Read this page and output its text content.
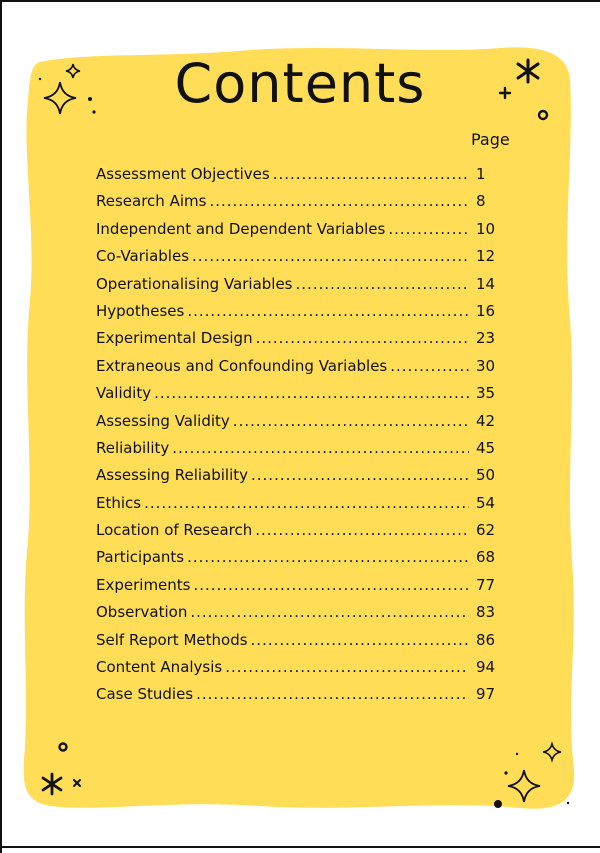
Contents
Page
Assessment Objectives .....	1
Research Aims .....	8
Independent and Dependent Variables .....	10
Co-Variables .....	12
Operationalising Variables .....	14
Hypotheses .....	16
Experimental Design .....	23
Extraneous and Confounding Variables .....	30
Validity .....	35
Assessing Validity .....	42
Reliability .....	45
Assessing Reliability .....	50
Ethics .....	54
Location of Research .....	62
Participants .....	68
Experiments .....	77
Observation .....	83
Self Report Methods .....	86
Content Analysis .....	94
Case Studies .....	97
